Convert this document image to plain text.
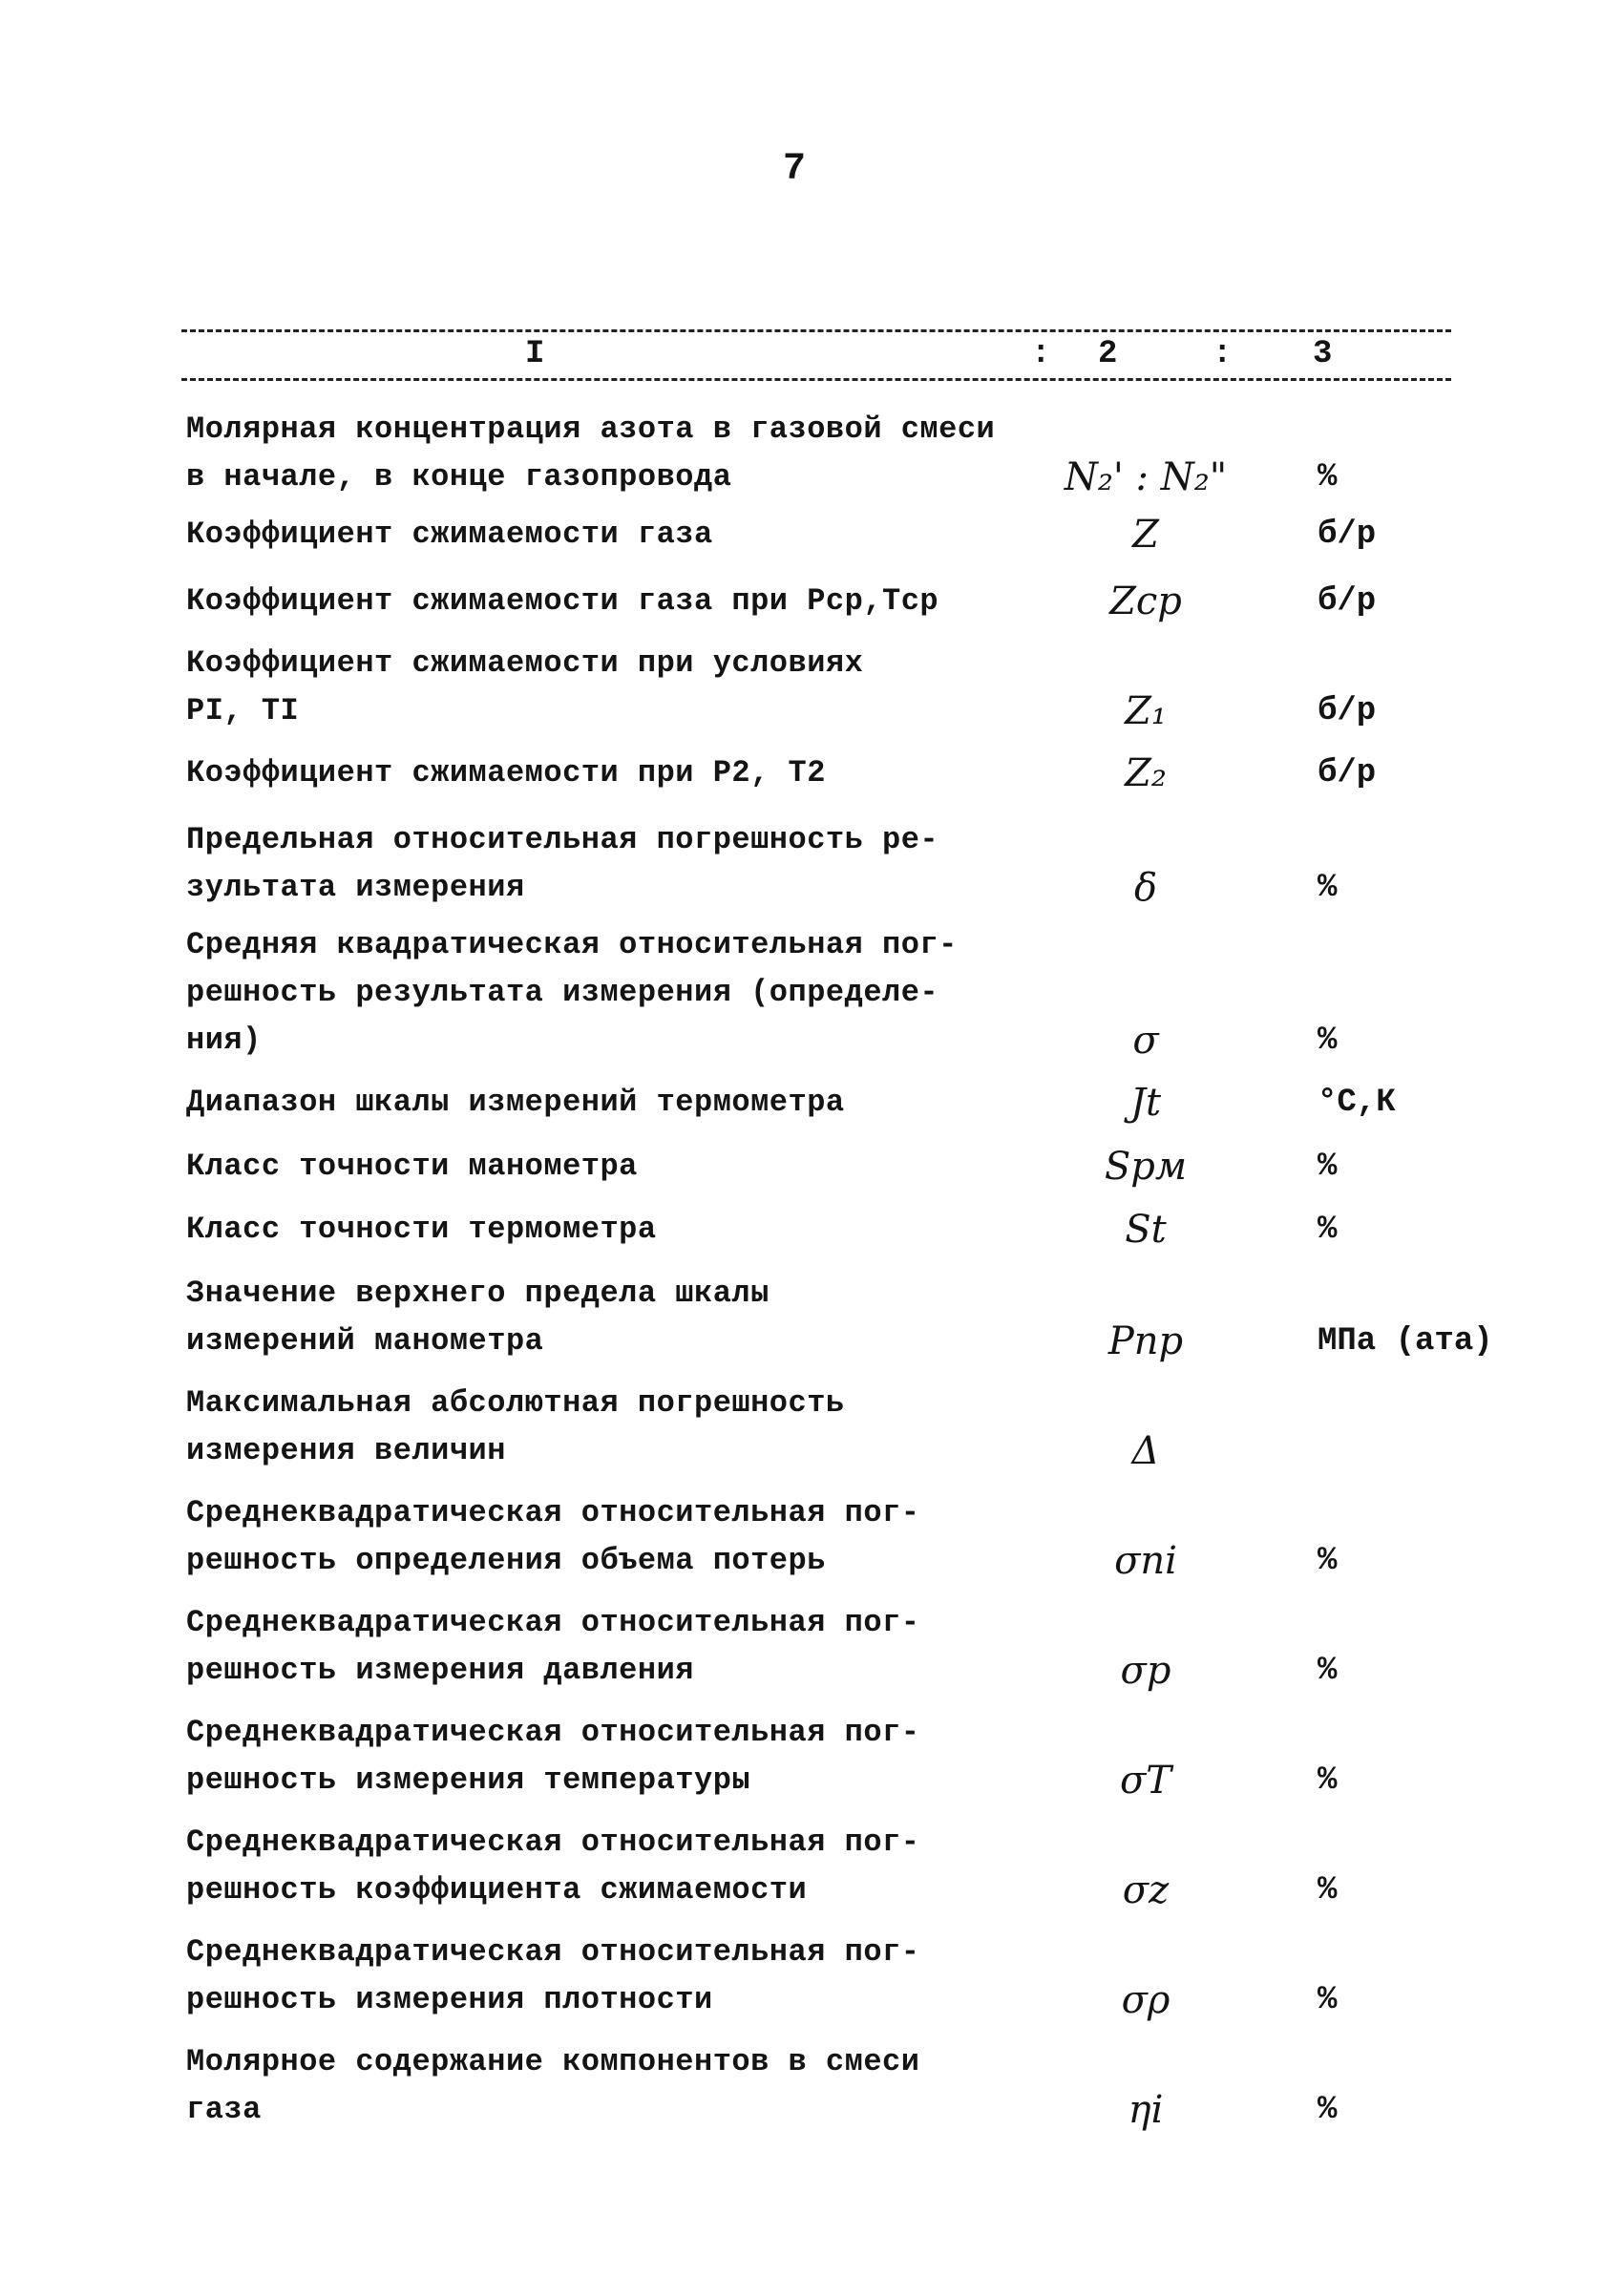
7
I	: 2	: 3
Молярная концентрация азота в газовой смеси
в начале, в конце газопровода	N₂' : N₂"	%
Коэффициент сжимаемости газа	Z	б/р
Коэффициент сжимаемости газа при Pср,Tср	Zср	б/р
Коэффициент сжимаемости при условиях
PI, TI	Z₁	б/р
Коэффициент сжимаемости при P2, T2	Z₂	б/р
Предельная относительная погрешность ре-
зультата измерения	δ	%
Средняя квадратическая относительная пог-
решность результата измерения (определе-
ния)	σ	%
Диапазон шкалы измерений термометра	Jt	°С,К
Класс точности манометра	Spм	%
Класс точности термометра	St	%
Значение верхнего предела шкалы
измерений манометра	Pпр	МПа (ата)
Максимальная абсолютная погрешность
измерения величин	Δ
Среднеквадратическая относительная пог-
решность определения объема потерь	σni	%
Среднеквадратическая относительная пог-
решность измерения давления	σp	%
Среднеквадратическая относительная пог-
решность измерения температуры	σT	%
Среднеквадратическая относительная пог-
решность коэффициента сжимаемости	σz	%
Среднеквадратическая относительная пог-
решность измерения плотности	σρ	%
Молярное содержание компонентов в смеси
газа	ηi	%
